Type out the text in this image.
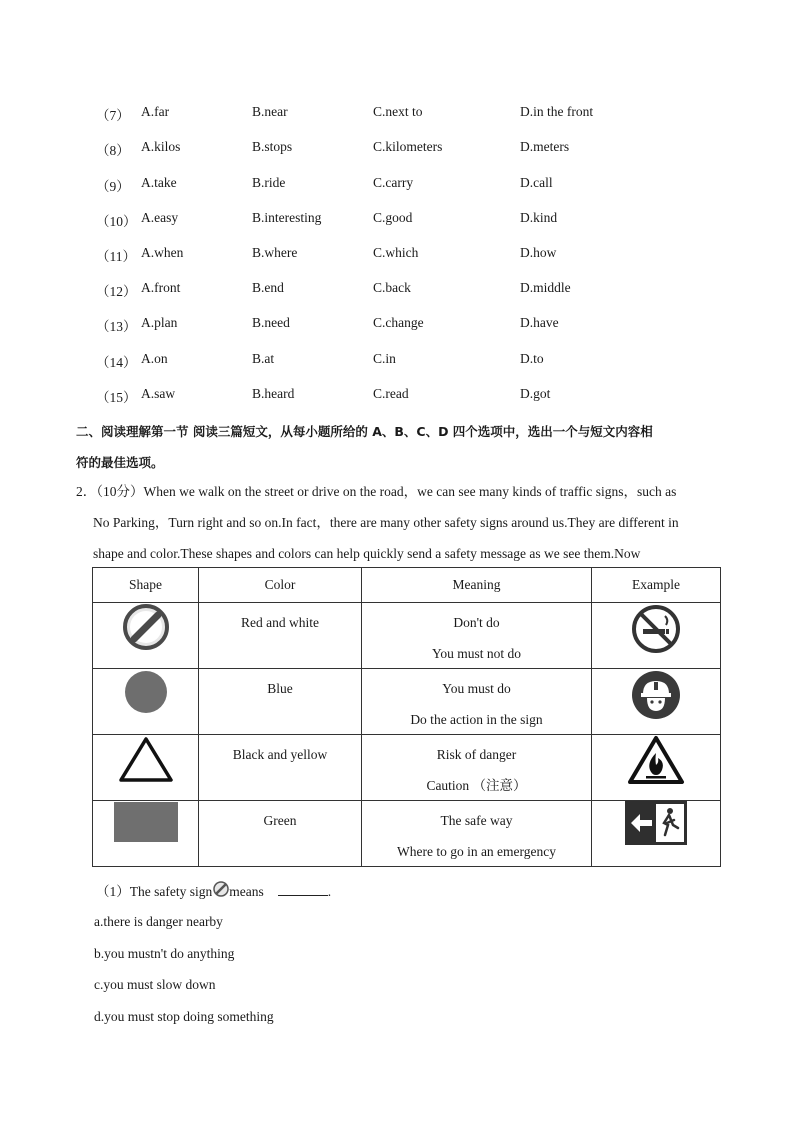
（7） A.far	B.near	C.next to	D.in the front
（8） A.kilos	B.stops	C.kilometers	D.meters
（9） A.take	B.ride	C.carry	D.call
（10） A.easy	B.interesting	C.good	D.kind
（11） A.when	B.where	C.which	D.how
（12） A.front	B.end	C.back	D.middle
（13） A.plan	B.need	C.change	D.have
（14） A.on	B.at	C.in	D.to
（15） A.saw	B.heard	C.read	D.got
二、阅读理解第一节 阅读三篇短文，从每小题所给的 A、B、C、D 四个选项中，选出一个与短文内容相
符的最佳选项。
2．（10分）When we walk on the street or drive on the road，we can see many kinds of traffic signs，such as
No Parking，Turn right and so on.In fact，there are many other safety signs around us.They are different in
shape and color.These shapes and colors can help quickly send a safety message as we see them.Now
Shape	Color	Meaning	Example

Red and white	Don't do
You must not do

Blue	You must do
Do the action in the sign

Black and yellow	Risk of danger
Caution （注意）

Green	The safe way
Where to go in an emergency

（1）The safety sign means	.
a.there is danger nearby
b.you mustn't do anything
c.you must slow down
d.you must stop doing something
